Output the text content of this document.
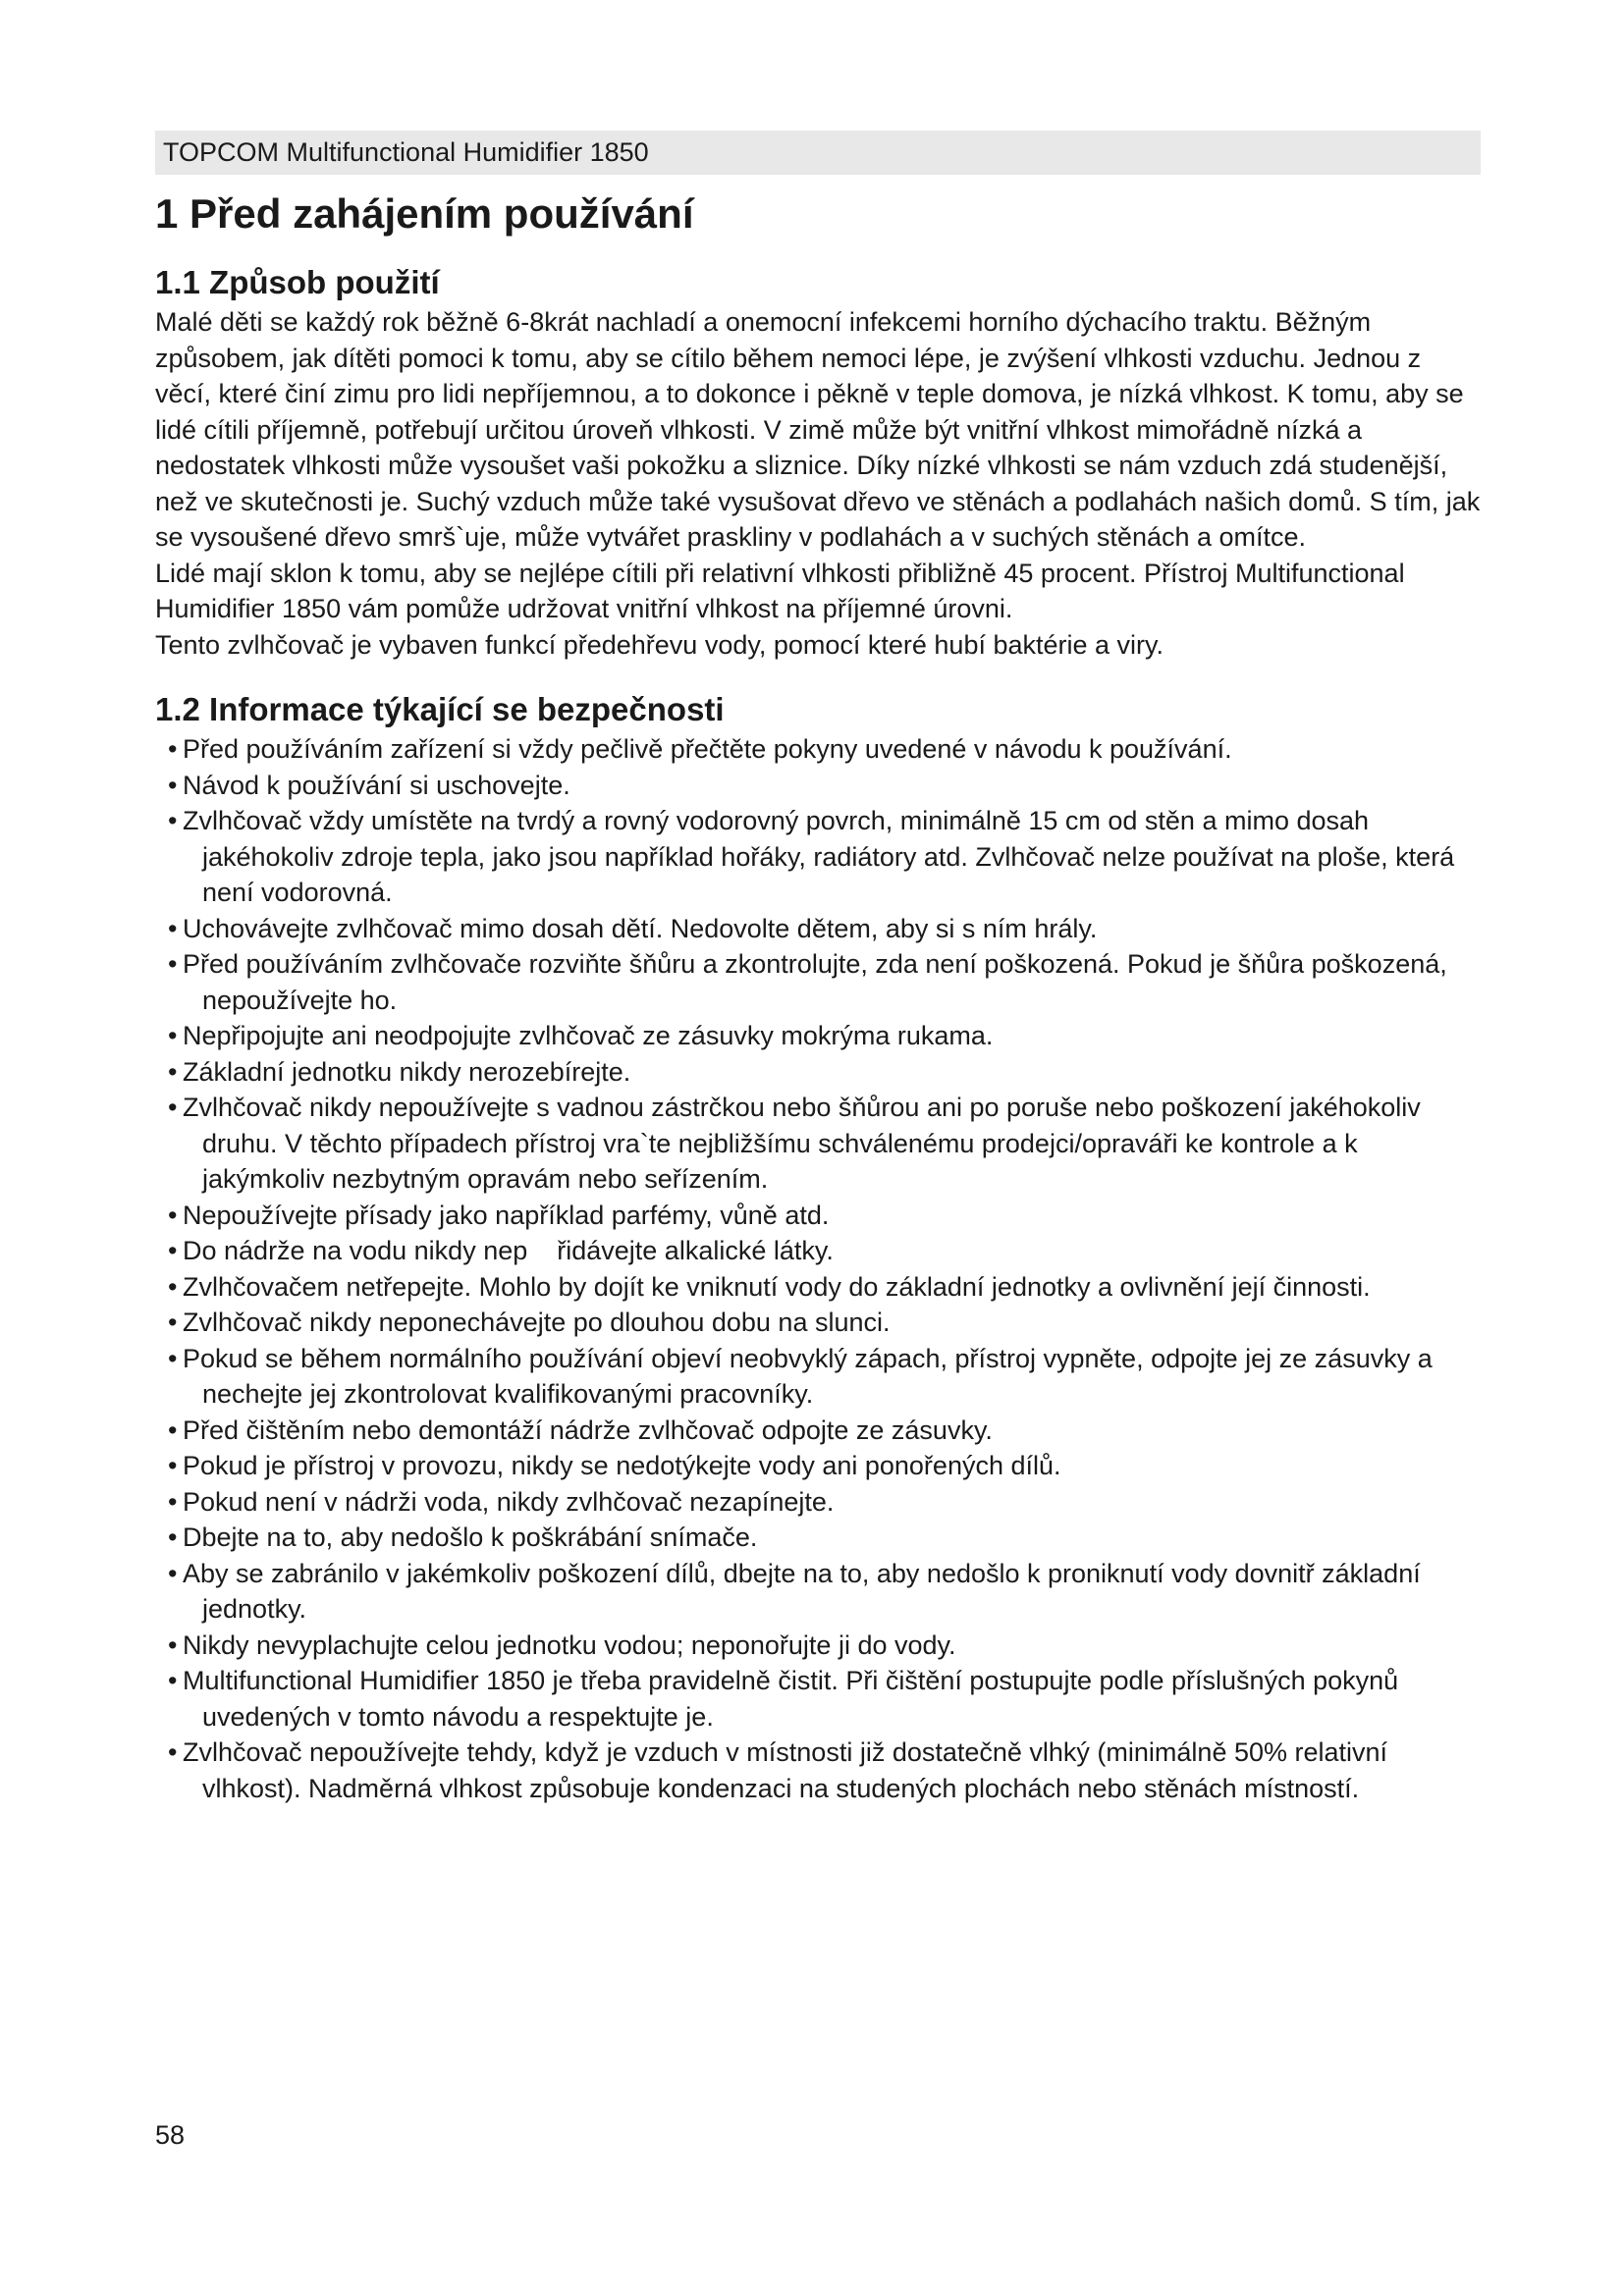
TOPCOM Multifunctional Humidifier 1850
1 Před zahájením používání
1.1 Způsob použití

Malé děti se každý rok běžně 6-8krát nachladí a onemocní infekcemi horního dýchacího traktu. Běžným způsobem, jak dítěti pomoci k tomu, aby se cítilo během nemoci lépe, je zvýšení vlhkosti vzduchu. Jednou z věcí, které činí zimu pro lidi nepříjemnou, a to dokonce i pěkně v teple domova, je nízká vlhkost. K tomu, aby se lidé cítili příjemně, potřebují určitou úroveň vlhkosti. V zimě může být vnitřní vlhkost mimořádně nízká a nedostatek vlhkosti může vysoušet vaši pokožku a sliznice. Díky nízké vlhkosti se nám vzduch zdá studenější, než ve skutečnosti je. Suchý vzduch může také vysušovat dřevo ve stěnách a podlahách našich domů. S tím, jak se vysoušené dřevo smrš`uje, může vytvářet praskliny v podlahách a v suchých stěnách a omítce.

Lidé mají sklon k tomu, aby se nejlépe cítili při relativní vlhkosti přibližně 45 procent. Přístroj Multifunctional Humidifier 1850 vám pomůže udržovat vnitřní vlhkost na příjemné úrovni.

Tento zvlhčovač je vybaven funkcí předehřevu vody, pomocí které hubí baktérie a viry.

1.2 Informace týkající se bezpečnosti
• Před používáním zařízení si vždy pečlivě přečtěte pokyny uvedené v návodu k používání.
• Návod k používání si uschovejte.
• Zvlhčovač vždy umístěte na tvrdý a rovný vodorovný povrch, minimálně 15 cm od stěn a mimo dosah jakéhokoliv zdroje tepla, jako jsou například hořáky, radiátory atd. Zvlhčovač nelze používat na ploše, která není vodorovná.
• Uchovávejte zvlhčovač mimo dosah dětí. Nedovolte dětem, aby si s ním hrály.
• Před používáním zvlhčovače rozviňte šňůru a zkontrolujte, zda není poškozená. Pokud je šňůra poškozená, nepoužívejte ho.
• Nepřipojujte ani neodpojujte zvlhčovač ze zásuvky mokrýma rukama.
• Základní jednotku nikdy nerozebírejte.
• Zvlhčovač nikdy nepoužívejte s vadnou zástrčkou nebo šňůrou ani po poruše nebo poškození jakéhokoliv druhu. V těchto případech přístroj vra`te nejbližšímu schválenému prodejci/opraváři ke kontrole a k jakýmkoliv nezbytným opravám nebo seřízením.
• Nepoužívejte přísady jako například parfémy, vůně atd.
• Do nádrže na vodu nikdy nep    řidávejte alkalické látky.
• Zvlhčovačem netřepejte. Mohlo by dojít ke vniknutí vody do základní jednotky a ovlivnění její činnosti.
• Zvlhčovač nikdy neponechávejte po dlouhou dobu na slunci.
• Pokud se během normálního používání objeví neobvyklý zápach, přístroj vypněte, odpojte jej ze zásuvky a nechejte jej zkontrolovat kvalifikovanými pracovníky.
• Před čištěním nebo demontáží nádrže zvlhčovač odpojte ze zásuvky.
• Pokud je přístroj v provozu, nikdy se nedotýkejte vody ani ponořených dílů.
• Pokud není v nádrži voda, nikdy zvlhčovač nezapínejte.
• Dbejte na to, aby nedošlo k poškrábání snímače.
• Aby se zabránilo v jakémkoliv poškození dílů, dbejte na to, aby nedošlo k proniknutí vody dovnitř základní jednotky.
• Nikdy nevyplachujte celou jednotku vodou; neponořujte ji do vody.
• Multifunctional Humidifier 1850 je třeba pravidelně čistit. Při čištění postupujte podle příslušných pokynů uvedených v tomto návodu a respektujte je.
• Zvlhčovač nepoužívejte tehdy, když je vzduch v místnosti již dostatečně vlhký (minimálně 50% relativní vlhkost). Nadměrná vlhkost způsobuje kondenzaci na studených plochách nebo stěnách místností.
58
